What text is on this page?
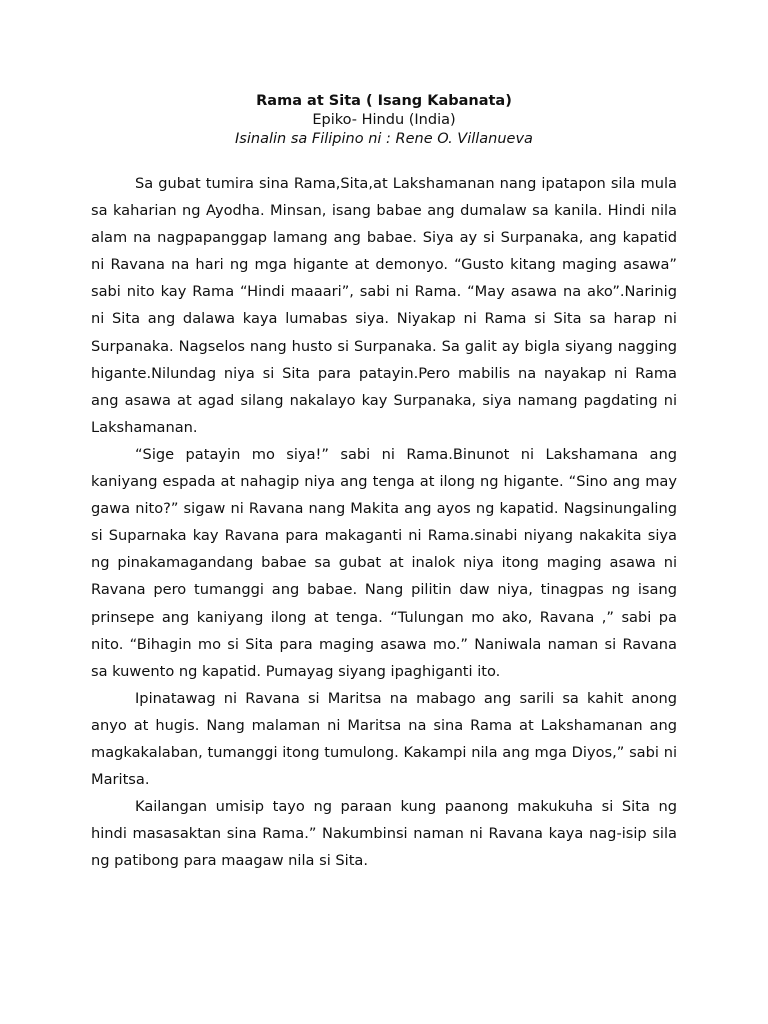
Rama at Sita ( Isang Kabanata)
Epiko- Hindu (India)
Isinalin sa Filipino ni : Rene O. Villanueva

Sa gubat tumira sina Rama,Sita,at Lakshamanan nang ipatapon sila mula sa kaharian ng Ayodha. Minsan, isang babae ang dumalaw sa kanila. Hindi nila alam na nagpapanggap lamang ang babae. Siya ay si Surpanaka, ang kapatid ni Ravana na hari ng mga higante at demonyo. “Gusto kitang maging asawa” sabi nito kay Rama “Hindi maaari”, sabi ni Rama. “May asawa na ako”.Narinig ni Sita ang dalawa kaya lumabas siya. Niyakap ni Rama si Sita sa harap ni Surpanaka. Nagselos nang husto si Surpanaka. Sa galit ay bigla siyang nagging higante.Nilundag niya si Sita para patayin.Pero mabilis na nayakap ni Rama ang asawa at agad silang nakalayo kay Surpanaka, siya namang pagdating ni Lakshamanan.

“Sige patayin mo siya!” sabi ni Rama.Binunot ni Lakshamana ang kaniyang espada at nahagip niya ang tenga at ilong ng higante. “Sino ang may gawa nito?” sigaw ni Ravana nang Makita ang ayos ng kapatid. Nagsinungaling si Suparnaka kay Ravana para makaganti ni Rama.sinabi niyang nakakita siya ng pinakamagandang babae sa gubat at inalok niya itong maging asawa ni Ravana pero tumanggi ang babae. Nang pilitin daw niya, tinagpas ng isang prinsepe ang kaniyang ilong at tenga. “Tulungan mo ako, Ravana ,” sabi pa nito. “Bihagin mo si Sita para maging asawa mo.” Naniwala naman si Ravana sa kuwento ng kapatid. Pumayag siyang ipaghiganti ito.

Ipinatawag ni Ravana si Maritsa na mabago ang sarili sa kahit anong anyo at hugis. Nang malaman ni Maritsa na sina Rama at Lakshamanan ang magkakalaban, tumanggi itong tumulong. Kakampi nila ang mga Diyos,” sabi ni Maritsa.

Kailangan umisip tayo ng paraan kung paanong makukuha si Sita ng hindi masasaktan sina Rama.” Nakumbinsi naman ni Ravana kaya nag-isip sila ng patibong para maagaw nila si Sita.
